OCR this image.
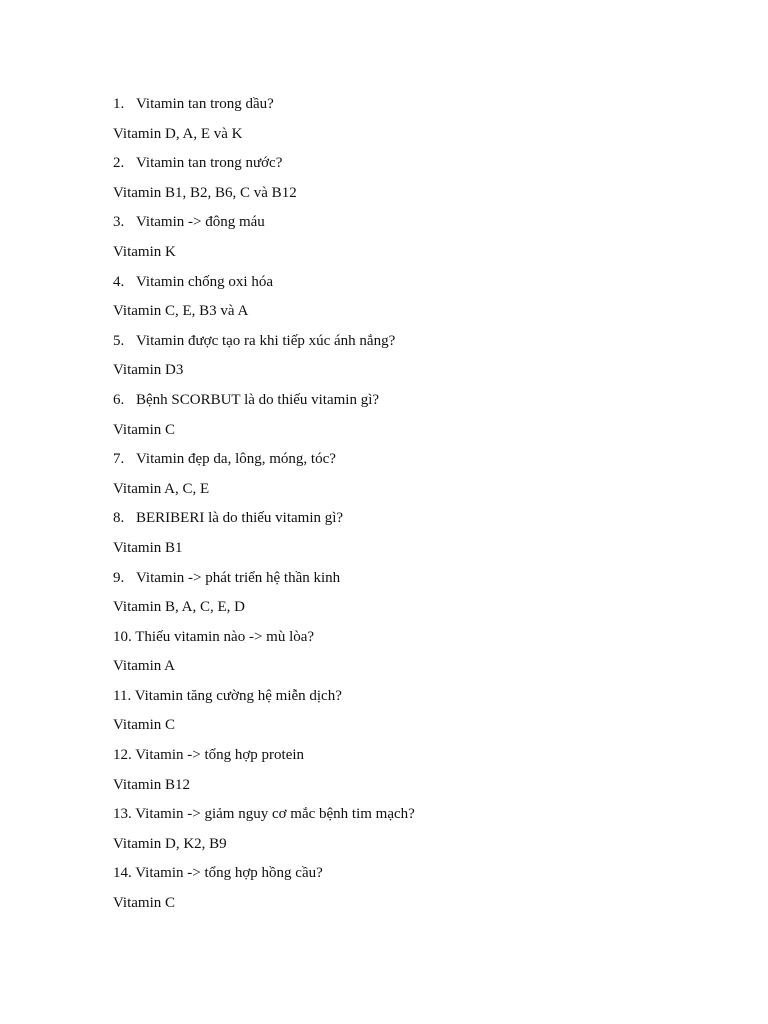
1. Vitamin tan trong dầu?
Vitamin D, A, E và K
2. Vitamin tan trong nước?
Vitamin B1, B2, B6, C và B12
3. Vitamin -> đông máu
Vitamin K
4. Vitamin chống oxi hóa
Vitamin C, E, B3 và A
5. Vitamin được tạo ra khi tiếp xúc ánh nắng?
Vitamin D3
6. Bệnh SCORBUT là do thiếu vitamin gì?
Vitamin C
7. Vitamin đẹp da, lông, móng, tóc?
Vitamin A, C, E
8. BERIBERI là do thiếu vitamin gì?
Vitamin B1
9. Vitamin -> phát triển hệ thần kinh
Vitamin B, A, C, E, D
10. Thiếu vitamin nào -> mù lòa?
Vitamin A
11. Vitamin tăng cường hệ miễn dịch?
Vitamin C
12. Vitamin -> tổng hợp protein
Vitamin B12
13. Vitamin -> giảm nguy cơ mắc bệnh tim mạch?
Vitamin D, K2, B9
14. Vitamin -> tổng hợp hồng cầu?
Vitamin C
